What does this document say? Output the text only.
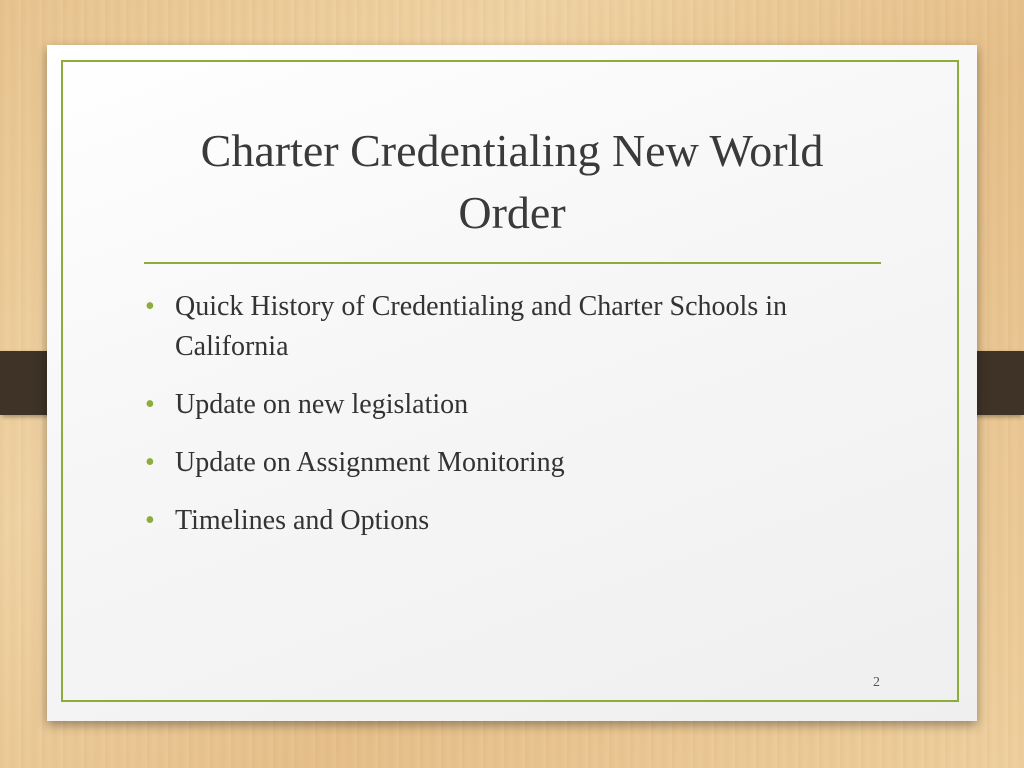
Charter Credentialing New World Order
• Quick History of Credentialing and Charter Schools in California
• Update on new legislation
• Update on Assignment Monitoring
• Timelines and Options
2
